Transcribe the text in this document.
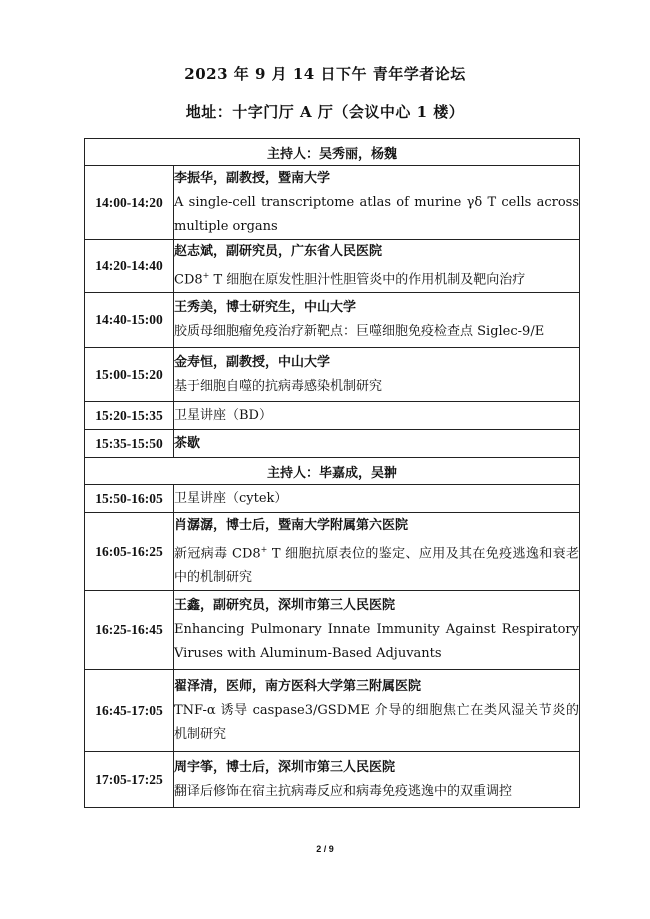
2023 年 9 月 14 日下午 青年学者论坛
地址：十字门厅 A 厅（会议中心 1 楼）
主持人：吴秀丽，杨魏	
14:00-14:20	李振华，副教授，暨南大学
A single-cell transcriptome atlas of murine γδ T cells across multiple organs

14:20-14:40	赵志斌，副研究员，广东省人民医院
CD8+ T 细胞在原发性胆汁性胆管炎中的作用机制及靶向治疗

14:40-15:00	王秀美，博士研究生，中山大学
胶质母细胞瘤免疫治疗新靶点：巨噬细胞免疫检查点 Siglec-9/E

15:00-15:20	金寿恒，副教授，中山大学
基于细胞自噬的抗病毒感染机制研究

15:20-15:35	卫星讲座（BD）

15:35-15:50	茶歇

主持人：毕嘉成，吴翀	
15:50-16:05	卫星讲座（cytek）

16:05-16:25	肖潺潺，博士后，暨南大学附属第六医院
新冠病毒 CD8+ T 细胞抗原表位的鉴定、应用及其在免疫逃逸和衰老中的机制研究

16:25-16:45	王鑫，副研究员，深圳市第三人民医院
Enhancing Pulmonary Innate Immunity Against Respiratory Viruses with Aluminum-Based Adjuvants

16:45-17:05	翟泽清，医师，南方医科大学第三附属医院
TNF-α 诱导 caspase3/GSDME 介导的细胞焦亡在类风湿关节炎的机制研究

17:05-17:25	周宇筝，博士后，深圳市第三人民医院
翻译后修饰在宿主抗病毒反应和病毒免疫逃逸中的双重调控
2 / 9
